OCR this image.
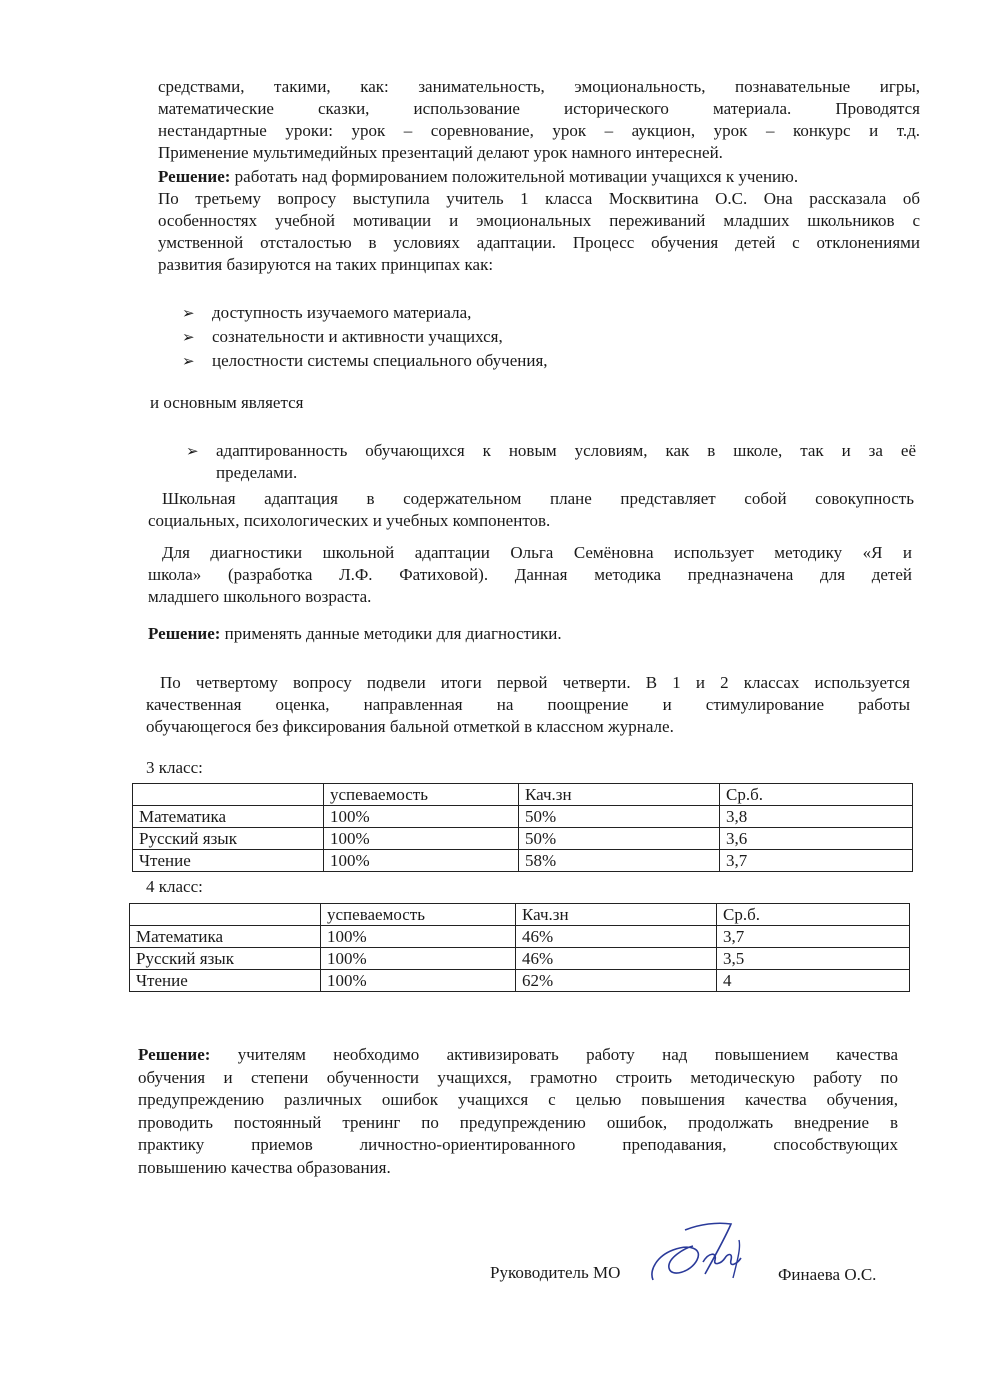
средствами, такими, как: занимательность, эмоциональность, познавательные игры,
математические сказки, использование исторического материала. Проводятся
нестандартные уроки: урок – соревнование, урок – аукцион, урок – конкурс и т.д.
Применение мультимедийных презентаций делают урок намного интересней.
Решение: работать над формированием положительной мотивации учащихся к учению.
По третьему вопросу выступила учитель 1 класса Москвитина О.С. Она рассказала об
особенностях учебной мотивации и эмоциональных переживаний младших школьников с
умственной отсталостью в условиях адаптации. Процесс обучения детей с отклонениями
развития базируются на таких принципах как:
➢ доступность изучаемого материала,
➢ сознательности и активности учащихся,
➢ целостности системы специального обучения,
и основным является
➢ адаптированность обучающихся к новым условиям, как в школе, так и за её
пределами.
Школьная адаптация в содержательном плане представляет собой совокупность
социальных, психологических и учебных компонентов.
Для диагностики школьной адаптации Ольга Семёновна использует методику «Я и
школа» (разработка Л.Ф. Фатиховой). Данная методика предназначена для детей
младшего школьного возраста.
Решение: применять данные методики для диагностики.
По четвертому вопросу подвели итоги первой четверти. В 1 и 2 классах используется
качественная оценка, направленная на поощрение и стимулирование работы
обучающегося без фиксирования бальной отметкой в классном журнале.
3 класс:
	успеваемость	Кач.зн	Ср.б.
Математика	100%	50%	3,8
Русский язык	100%	50%	3,6
Чтение	100%	58%	3,7
4 класс:
	успеваемость	Кач.зн	Ср.б.
Математика	100%	46%	3,7
Русский язык	100%	46%	3,5
Чтение	100%	62%	4
Решение: учителям необходимо активизировать работу над повышением качества
обучения и степени обученности учащихся, грамотно строить методическую работу по
предупреждению различных ошибок учащихся с целью повышения качества обучения,
проводить постоянный тренинг по предупреждению ошибок, продолжать внедрение в
практику приемов личностно-ориентированного преподавания, способствующих
повышению качества образования.
Руководитель МО	Финаева О.С.
